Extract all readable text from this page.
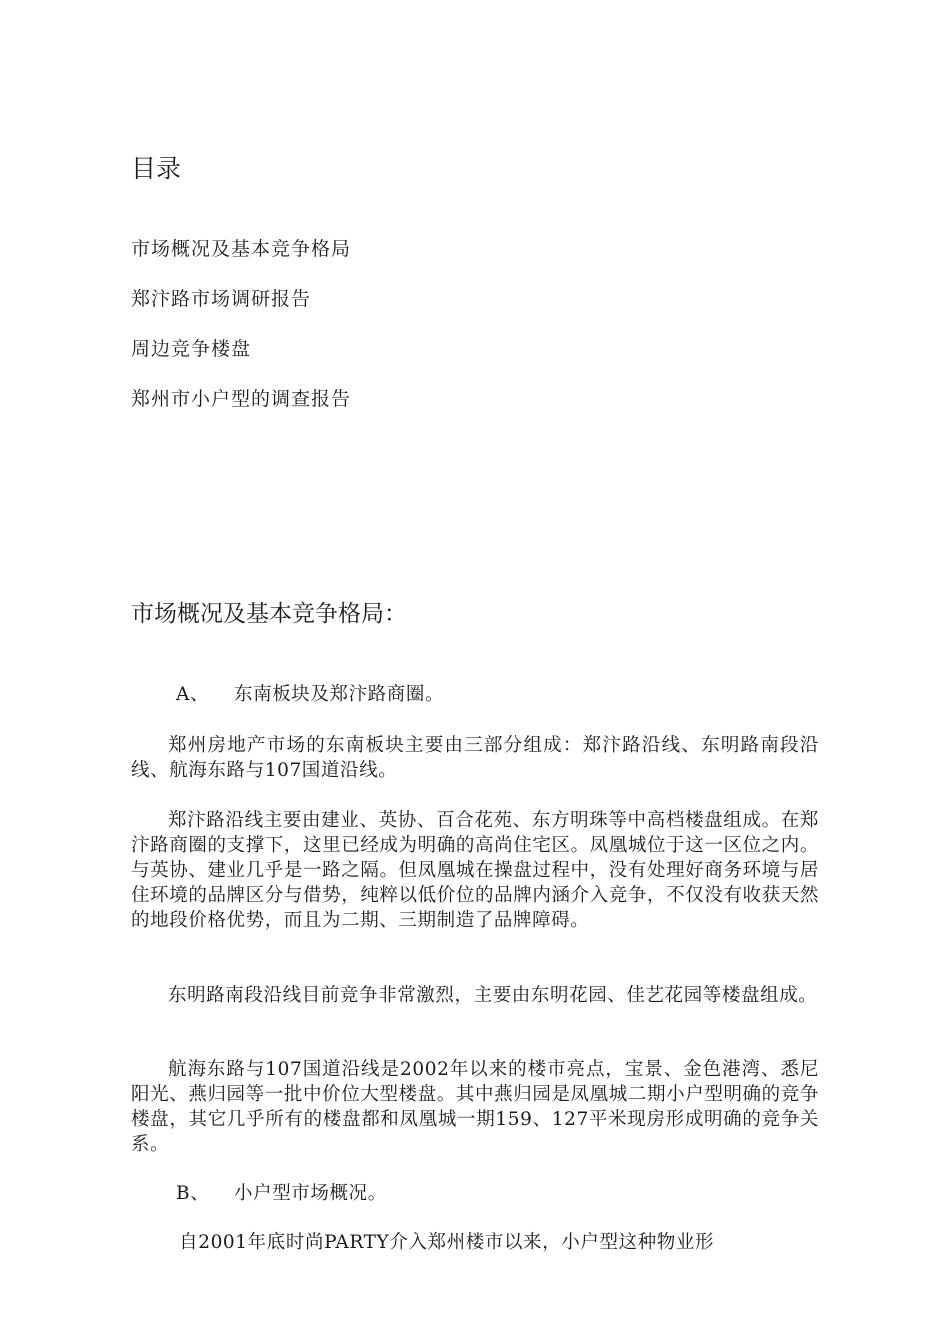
目录
市场概况及基本竞争格局
郑汴路市场调研报告
周边竞争楼盘
郑州市小户型的调查报告
市场概况及基本竞争格局：

A、 东南板块及郑汴路商圈。

郑州房地产市场的东南板块主要由三部分组成：郑汴路沿线、东明路南段沿线、航海东路与107国道沿线。

郑汴路沿线主要由建业、英协、百合花苑、东方明珠等中高档楼盘组成。在郑汴路商圈的支撑下，这里已经成为明确的高尚住宅区。凤凰城位于这一区位之内。与英协、建业几乎是一路之隔。但凤凰城在操盘过程中，没有处理好商务环境与居住环境的品牌区分与借势，纯粹以低价位的品牌内涵介入竞争，不仅没有收获天然的地段价格优势，而且为二期、三期制造了品牌障碍。

东明路南段沿线目前竞争非常激烈，主要由东明花园、佳艺花园等楼盘组成。

航海东路与107国道沿线是2002年以来的楼市亮点，宝景、金色港湾、悉尼阳光、燕归园等一批中价位大型楼盘。其中燕归园是凤凰城二期小户型明确的竞争楼盘，其它几乎所有的楼盘都和凤凰城一期159、127平米现房形成明确的竞争关系。

B、 小户型市场概况。

自2001年底时尚PARTY介入郑州楼市以来，小户型这种物业形
